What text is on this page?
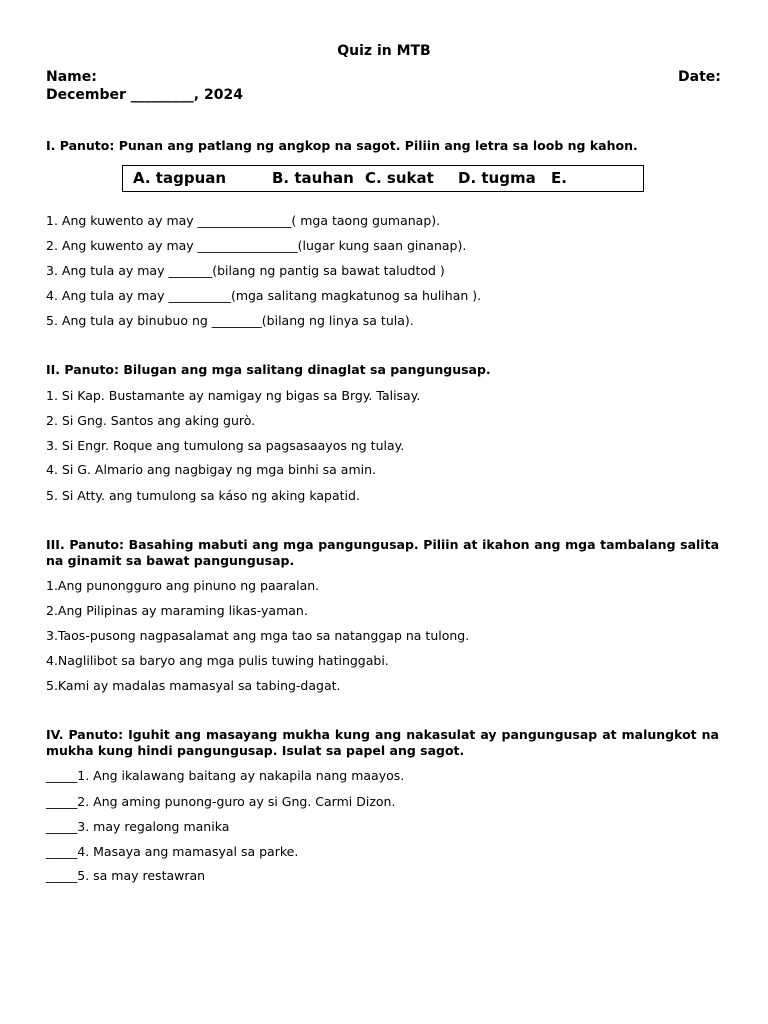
Quiz in MTB
Name:	Date:
December _________, 2024
I. Panuto: Punan ang patlang ng angkop na sagot. Piliin ang letra sa loob ng kahon.
A. tagpuan	B. tauhan C. sukat D. tugma E.
1. Ang kuwento ay may _______________( mga taong gumanap).
2. Ang kuwento ay may ________________(lugar kung saan ginanap).
3. Ang tula ay may _______(bilang ng pantig sa bawat taludtod )
4. Ang tula ay may __________(mga salitang magkatunog sa hulihan ).
5. Ang tula ay binubuo ng ________(bilang ng linya sa tula).
II. Panuto: Bilugan ang mga salitang dinaglat sa pangungusap.
1. Si Kap. Bustamante ay namigay ng bigas sa Brgy. Talisay.
2. Si Gng. Santos ang aking gurò.
3. Si Engr. Roque ang tumulong sa pagsasaayos ng tulay.
4. Si G. Almario ang nagbigay ng mga binhi sa amin.
5. Si Atty. ang tumulong sa káso ng aking kapatid.
III. Panuto: Basahing mabuti ang mga pangungusap. Piliin at ikahon ang mga tambalang salita na ginamit sa bawat pangungusap.
1.Ang punongguro ang pinuno ng paaralan.
2.Ang Pilipinas ay maraming likas-yaman.
3.Taos-pusong nagpasalamat ang mga tao sa natanggap na tulong.
4.Naglilibot sa baryo ang mga pulis tuwing hatinggabi.
5.Kami ay madalas mamasyal sa tabing-dagat.
IV. Panuto: Iguhit ang masayang mukha kung ang nakasulat ay pangungusap at malungkot na mukha kung hindi pangungusap. Isulat sa papel ang sagot.
_____1. Ang ikalawang baitang ay nakapila nang maayos.
_____2. Ang aming punong-guro ay si Gng. Carmi Dizon.
_____3. may regalong manika
_____4. Masaya ang mamasyal sa parke.
_____5. sa may restawran
